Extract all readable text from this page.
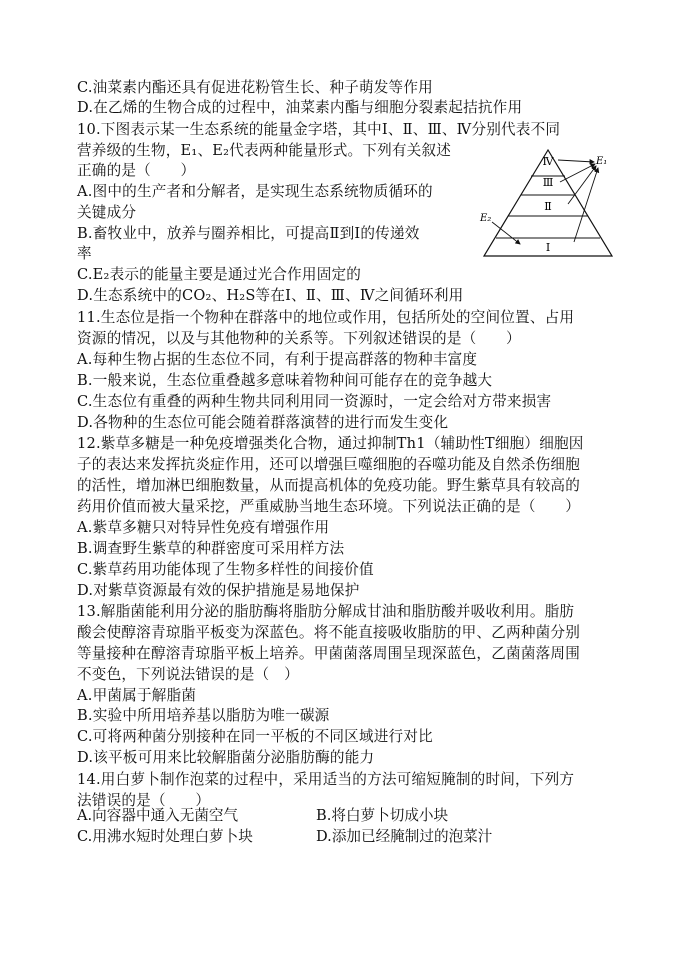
C.油菜素内酯还具有促进花粉管生长、种子萌发等作用
D.在乙烯的生物合成的过程中，油菜素内酯与细胞分裂素起拮抗作用
10.下图表示某一生态系统的能量金字塔，其中Ⅰ、Ⅱ、Ⅲ、Ⅳ分别代表不同
营养级的生物，E₁、E₂代表两种能量形式。下列有关叙述
正确的是（　　）
A.图中的生产者和分解者，是实现生态系统物质循环的
关键成分
B.畜牧业中，放养与圈养相比，可提高Ⅱ到Ⅰ的传递效
率
C.E₂表示的能量主要是通过光合作用固定的
D.生态系统中的CO₂、H₂S等在Ⅰ、Ⅱ、Ⅲ、Ⅳ之间循环利用
11.生态位是指一个物种在群落中的地位或作用，包括所处的空间位置、占用
资源的情况，以及与其他物种的关系等。下列叙述错误的是（　　）
A.每种生物占据的生态位不同，有利于提高群落的物种丰富度
B.一般来说，生态位重叠越多意味着物种间可能存在的竞争越大
C.生态位有重叠的两种生物共同利用同一资源时，一定会给对方带来损害
D.各物种的生态位可能会随着群落演替的进行而发生变化
12.紫草多糖是一种免疫增强类化合物，通过抑制Th1（辅助性T细胞）细胞因
子的表达来发挥抗炎症作用，还可以增强巨噬细胞的吞噬功能及自然杀伤细胞
的活性，增加淋巴细胞数量，从而提高机体的免疫功能。野生紫草具有较高的
药用价值而被大量采挖，严重威胁当地生态环境。下列说法正确的是（　　）
A.紫草多糖只对特异性免疫有增强作用
B.调查野生紫草的种群密度可采用样方法
C.紫草药用功能体现了生物多样性的间接价值
D.对紫草资源最有效的保护措施是易地保护
13.解脂菌能利用分泌的脂肪酶将脂肪分解成甘油和脂肪酸并吸收利用。脂肪
酸会使醇溶青琼脂平板变为深蓝色。将不能直接吸收脂肪的甲、乙两种菌分别
等量接种在醇溶青琼脂平板上培养。甲菌菌落周围呈现深蓝色，乙菌菌落周围
不变色，下列说法错误的是（　）
A.甲菌属于解脂菌
B.实验中所用培养基以脂肪为唯一碳源
C.可将两种菌分别接种在同一平板的不同区域进行对比
D.该平板可用来比较解脂菌分泌脂肪酶的能力
14.用白萝卜制作泡菜的过程中，采用适当的方法可缩短腌制的时间，下列方
法错误的是（　　）
A.向容器中通入无菌空气	B.将白萝卜切成小块
C.用沸水短时处理白萝卜块	D.添加已经腌制过的泡菜汁
Ⅳ
Ⅲ
Ⅱ
Ⅰ
E₁
E₂
